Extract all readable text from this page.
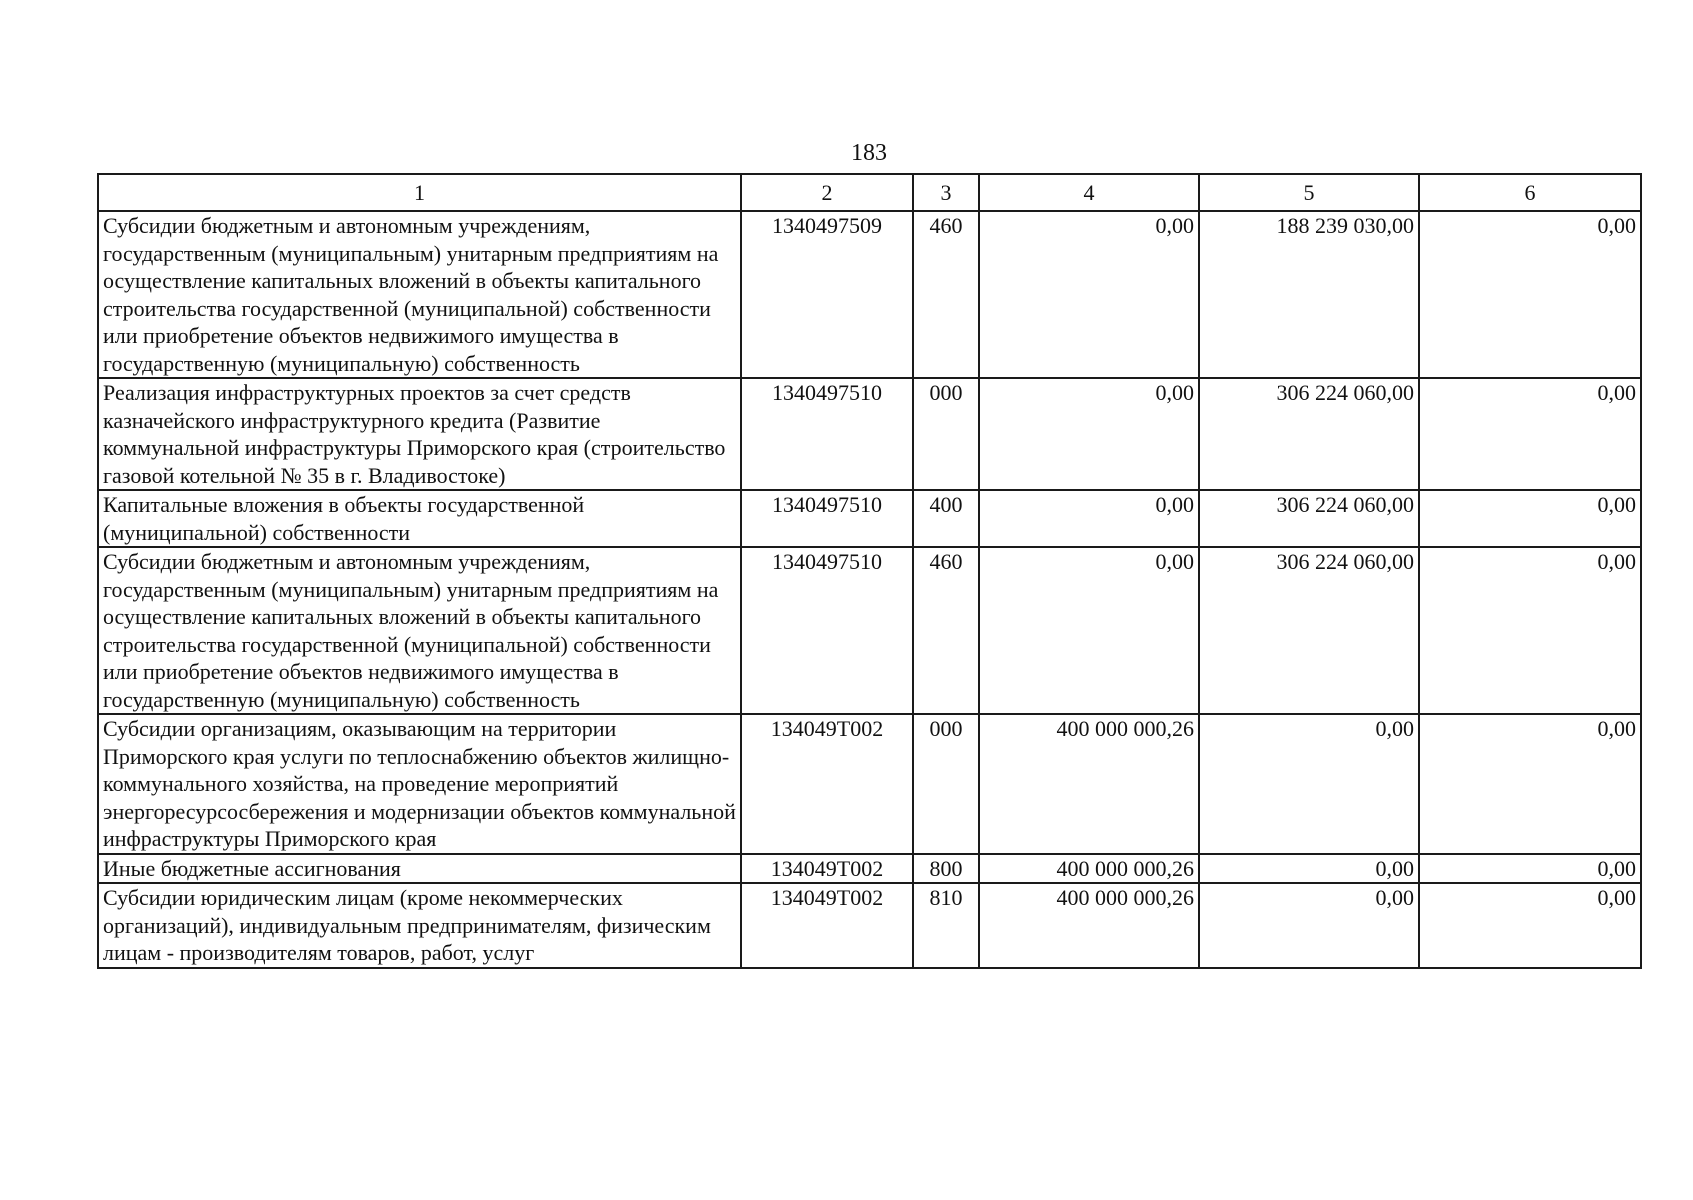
183
1	2	3	4	5	6
Субсидии бюджетным и автономным учреждениям, государственным (муниципальным) унитарным предприятиям на осуществление капитальных вложений в объекты капитального строительства государственной (муниципальной) собственности или приобретение объектов недвижимого имущества в государственную (муниципальную) собственность	1340497509	460	0,00	188 239 030,00	0,00
Реализация инфраструктурных проектов за счет средств казначейского инфраструктурного кредита (Развитие коммунальной инфраструктуры Приморского края (строительство газовой котельной № 35 в г. Владивостоке)	1340497510	000	0,00	306 224 060,00	0,00
Капитальные вложения в объекты государственной (муниципальной) собственности	1340497510	400	0,00	306 224 060,00	0,00
Субсидии бюджетным и автономным учреждениям, государственным (муниципальным) унитарным предприятиям на осуществление капитальных вложений в объекты капитального строительства государственной (муниципальной) собственности или приобретение объектов недвижимого имущества в государственную (муниципальную) собственность	1340497510	460	0,00	306 224 060,00	0,00
Субсидии организациям, оказывающим на территории Приморского края услуги по теплоснабжению объектов жилищно-коммунального хозяйства, на проведение мероприятий энергоресурсосбережения и модернизации объектов коммунальной инфраструктуры Приморского края	134049Т002	000	400 000 000,26	0,00	0,00
Иные бюджетные ассигнования	134049Т002	800	400 000 000,26	0,00	0,00
Субсидии юридическим лицам (кроме некоммерческих организаций), индивидуальным предпринимателям, физическим лицам - производителям товаров, работ, услуг	134049Т002	810	400 000 000,26	0,00	0,00
